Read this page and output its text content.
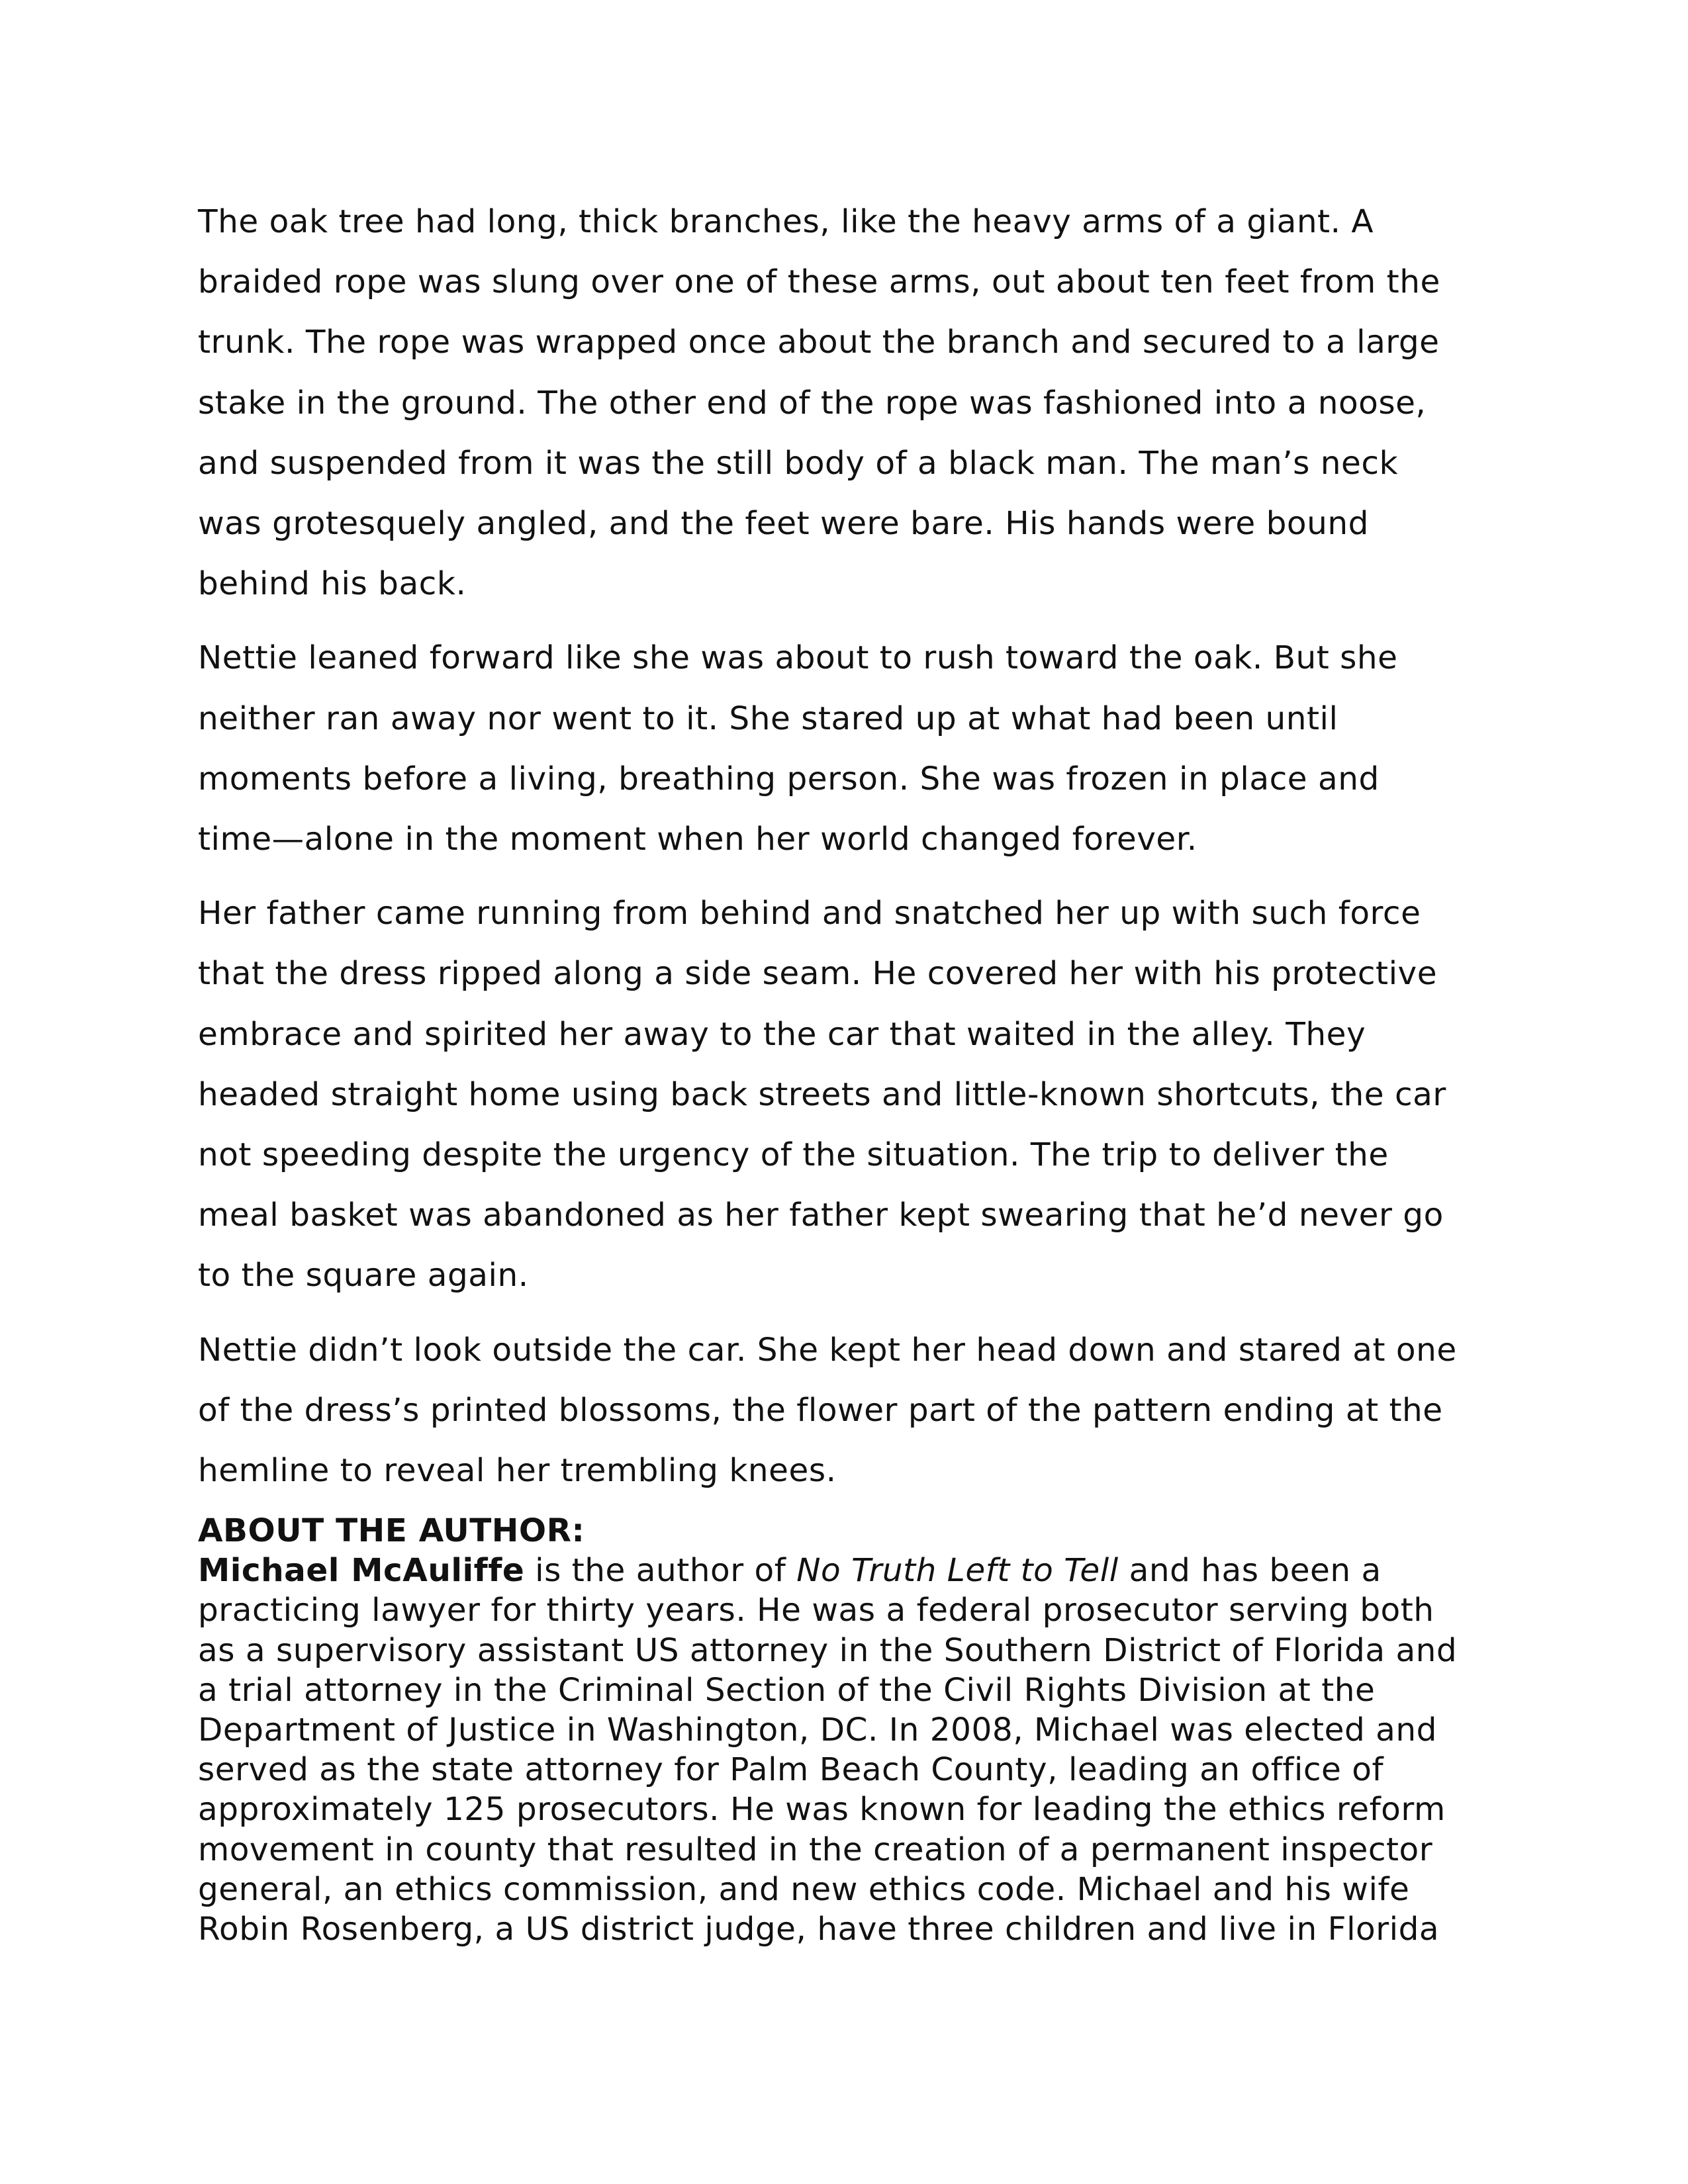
The oak tree had long, thick branches, like the heavy arms of a giant. A
braided rope was slung over one of these arms, out about ten feet from the
trunk. The rope was wrapped once about the branch and secured to a large
stake in the ground. The other end of the rope was fashioned into a noose,
and suspended from it was the still body of a black man. The man’s neck
was grotesquely angled, and the feet were bare. His hands were bound
behind his back.

Nettie leaned forward like she was about to rush toward the oak. But she
neither ran away nor went to it. She stared up at what had been until
moments before a living, breathing person. She was frozen in place and
time—alone in the moment when her world changed forever.

Her father came running from behind and snatched her up with such force
that the dress ripped along a side seam. He covered her with his protective
embrace and spirited her away to the car that waited in the alley. They
headed straight home using back streets and little-known shortcuts, the car
not speeding despite the urgency of the situation. The trip to deliver the
meal basket was abandoned as her father kept swearing that he’d never go
to the square again.

Nettie didn’t look outside the car. She kept her head down and stared at one
of the dress’s printed blossoms, the flower part of the pattern ending at the
hemline to reveal her trembling knees.

ABOUT THE AUTHOR:
Michael McAuliffe is the author of No Truth Left to Tell and has been a
practicing lawyer for thirty years. He was a federal prosecutor serving both
as a supervisory assistant US attorney in the Southern District of Florida and
a trial attorney in the Criminal Section of the Civil Rights Division at the
Department of Justice in Washington, DC. In 2008, Michael was elected and
served as the state attorney for Palm Beach County, leading an office of
approximately 125 prosecutors. He was known for leading the ethics reform
movement in county that resulted in the creation of a permanent inspector
general, an ethics commission, and new ethics code. Michael and his wife
Robin Rosenberg, a US district judge, have three children and live in Florida
